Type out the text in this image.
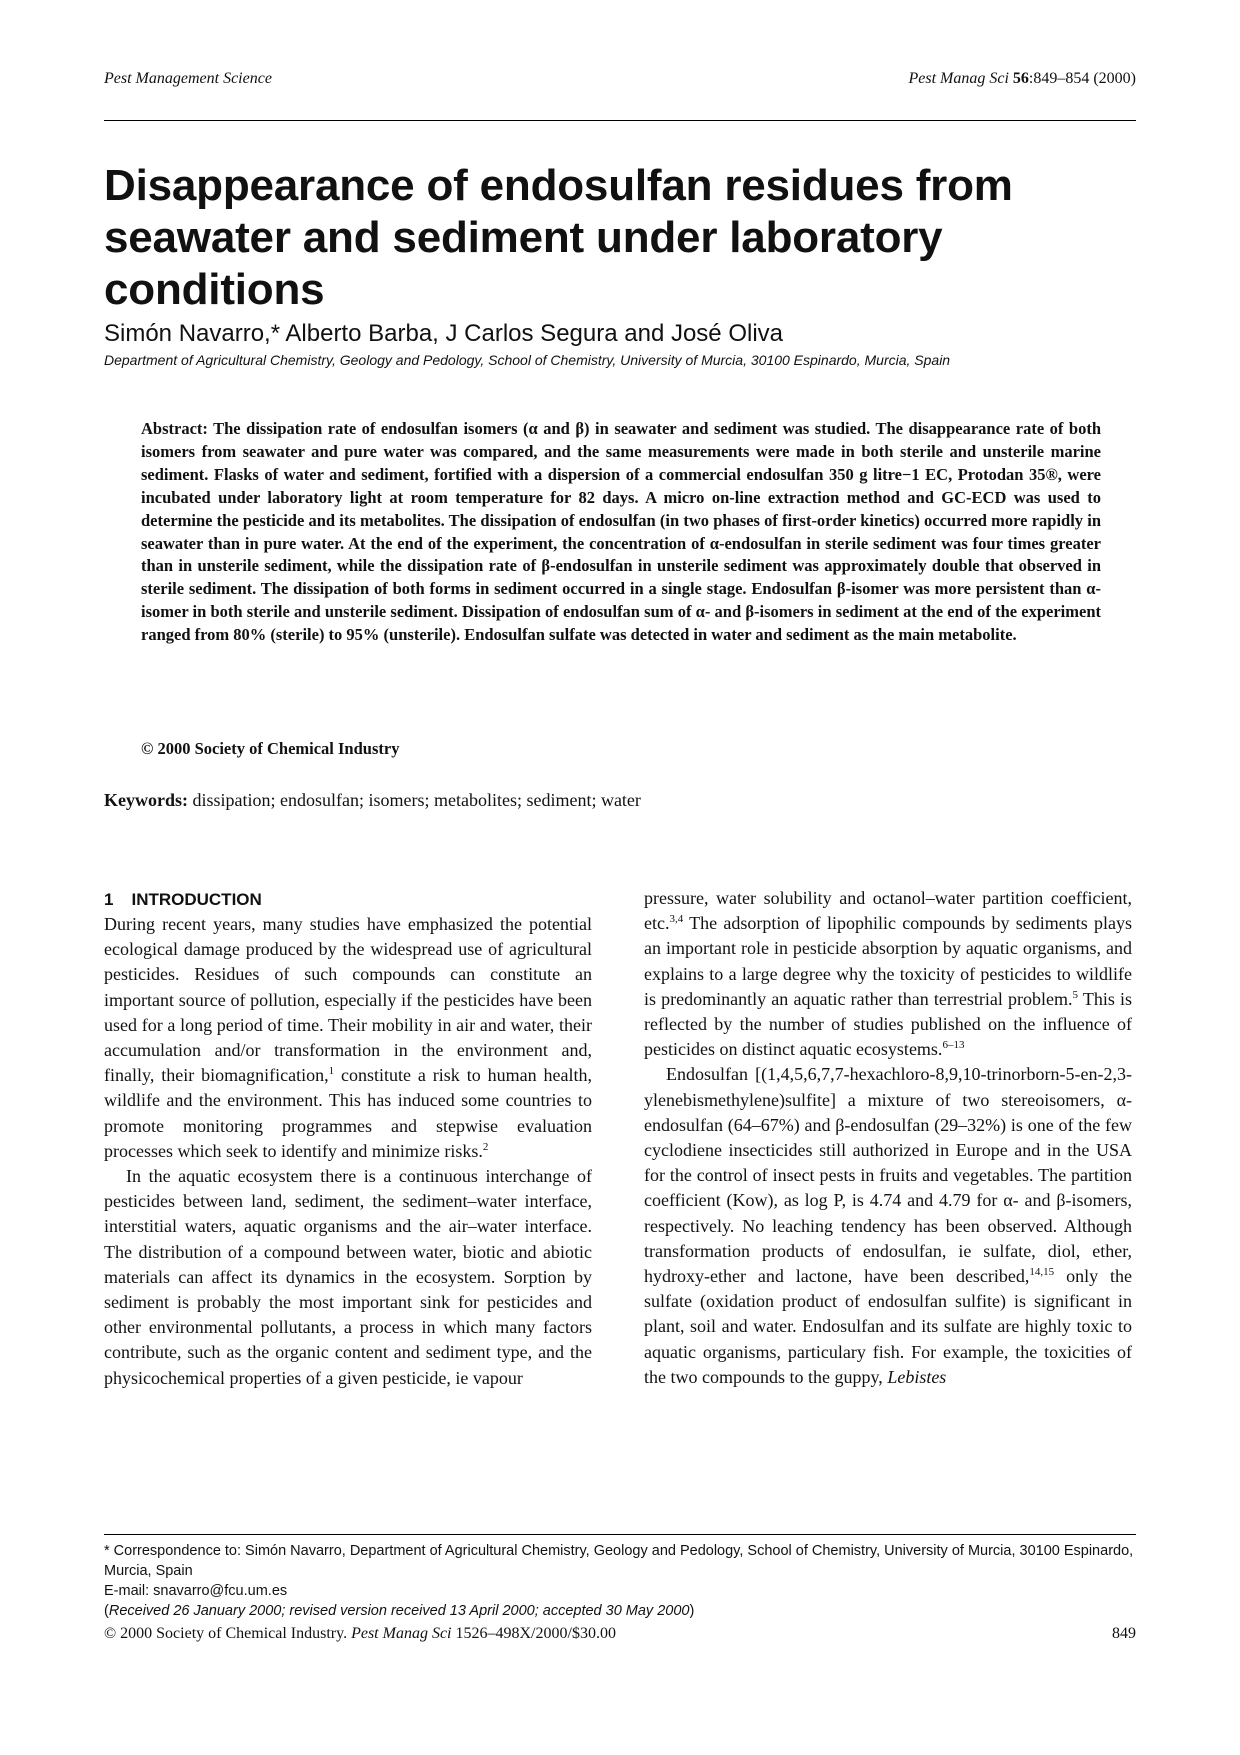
Pest Management Science	Pest Manag Sci 56:849–854 (2000)
Disappearance of endosulfan residues from seawater and sediment under laboratory conditions
Simón Navarro,* Alberto Barba, J Carlos Segura and José Oliva
Department of Agricultural Chemistry, Geology and Pedology, School of Chemistry, University of Murcia, 30100 Espinardo, Murcia, Spain

Abstract: The dissipation rate of endosulfan isomers (α and β) in seawater and sediment was studied. The disappearance rate of both isomers from seawater and pure water was compared, and the same measurements were made in both sterile and unsterile marine sediment. Flasks of water and sediment, fortified with a dispersion of a commercial endosulfan 350 g litre−1 EC, Protodan 35®, were incubated under laboratory light at room temperature for 82 days. A micro on-line extraction method and GC-ECD was used to determine the pesticide and its metabolites. The dissipation of endosulfan (in two phases of first-order kinetics) occurred more rapidly in seawater than in pure water. At the end of the experiment, the concentration of α-endosulfan in sterile sediment was four times greater than in unsterile sediment, while the dissipation rate of β-endosulfan in unsterile sediment was approximately double that observed in sterile sediment. The dissipation of both forms in sediment occurred in a single stage. Endosulfan β-isomer was more persistent than α-isomer in both sterile and unsterile sediment. Dissipation of endosulfan sum of α- and β-isomers in sediment at the end of the experiment ranged from 80% (sterile) to 95% (unsterile). Endosulfan sulfate was detected in water and sediment as the main metabolite.

© 2000 Society of Chemical Industry
Keywords: dissipation; endosulfan; isomers; metabolites; sediment; water
1 INTRODUCTION

During recent years, many studies have emphasized the potential ecological damage produced by the widespread use of agricultural pesticides. Residues of such compounds can constitute an important source of pollution, especially if the pesticides have been used for a long period of time. Their mobility in air and water, their accumulation and/or transformation in the environment and, finally, their biomagnification,$^1$ constitute a risk to human health, wildlife and the environment. This has induced some countries to promote monitoring programmes and stepwise evaluation processes which seek to identify and minimize risks.$^2$

In the aquatic ecosystem there is a continuous interchange of pesticides between land, sediment, the sediment–water interface, interstitial waters, aquatic organisms and the air–water interface. The distribution of a compound between water, biotic and abiotic materials can affect its dynamics in the ecosystem. Sorption by sediment is probably the most important sink for pesticides and other environmental pollutants, a process in which many factors contribute, such as the organic content and sediment type, and the physicochemical properties of a given pesticide, ie vapour

pressure, water solubility and octanol–water partition coefficient, etc.$^{3,4}$ The adsorption of lipophilic compounds by sediments plays an important role in pesticide absorption by aquatic organisms, and explains to a large degree why the toxicity of pesticides to wildlife is predominantly an aquatic rather than terrestrial problem.$^5$ This is reflected by the number of studies published on the influence of pesticides on distinct aquatic ecosystems.$^{6-13}$

Endosulfan [(1,4,5,6,7,7-hexachloro-8,9,10-trinorborn-5-en-2,3-ylenebismethylene)sulfite] a mixture of two stereoisomers, α-endosulfan (64–67%) and β-endosulfan (29–32%) is one of the few cyclodiene insecticides still authorized in Europe and in the USA for the control of insect pests in fruits and vegetables. The partition coefficient (Kow), as log P, is 4.74 and 4.79 for α- and β-isomers, respectively. No leaching tendency has been observed. Although transformation products of endosulfan, ie sulfate, diol, ether, hydroxy-ether and lactone, have been described,$^{14,15}$ only the sulfate (oxidation product of endosulfan sulfite) is significant in plant, soil and water. Endosulfan and its sulfate are highly toxic to aquatic organisms, particulary fish. For example, the toxicities of the two compounds to the guppy, Lebistes

* Correspondence to: Simón Navarro, Department of Agricultural Chemistry, Geology and Pedology, School of Chemistry, University of Murcia, 30100 Espinardo, Murcia, Spain

E-mail: snavarro@fcu.um.es

(Received 26 January 2000; revised version received 13 April 2000; accepted 30 May 2000)

© 2000 Society of Chemical Industry. Pest Manag Sci 1526–498X/2000/$30.00	849
